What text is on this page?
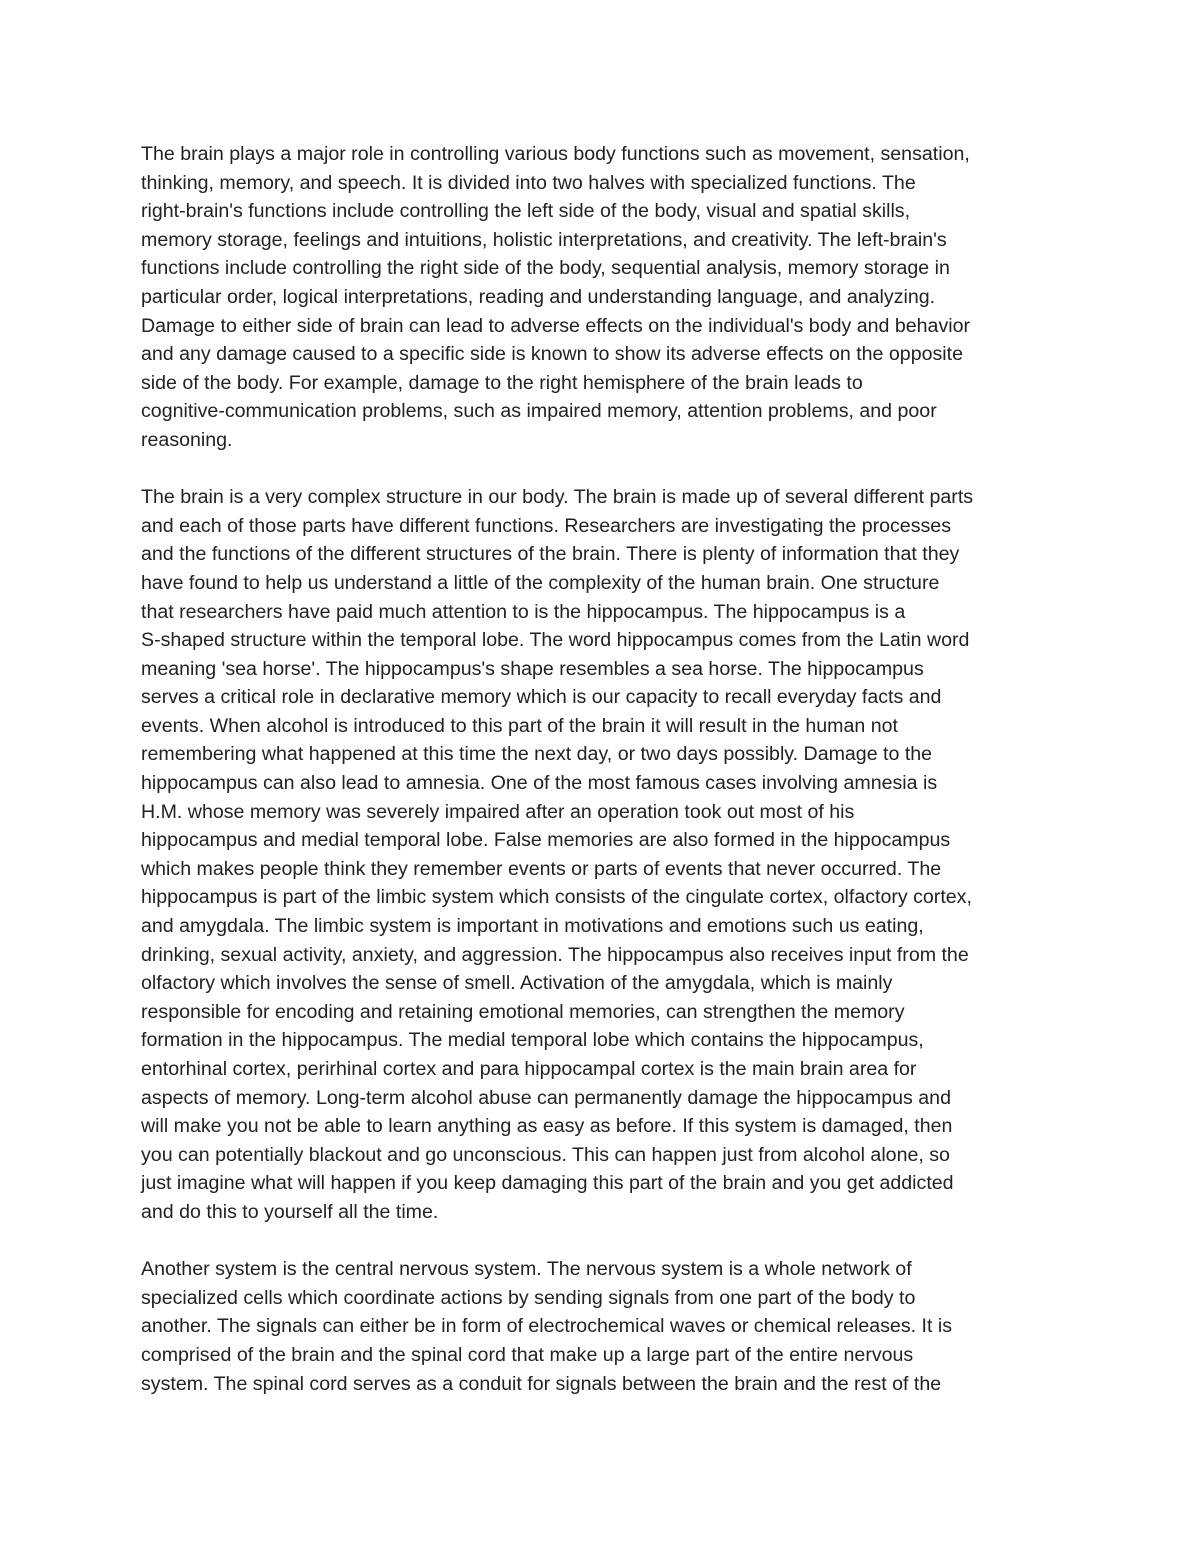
The brain plays a major role in controlling various body functions such as movement, sensation,
thinking, memory, and speech. It is divided into two halves with specialized functions. The
right-brain's functions include controlling the left side of the body, visual and spatial skills,
memory storage, feelings and intuitions, holistic interpretations, and creativity. The left-brain's
functions include controlling the right side of the body, sequential analysis, memory storage in
particular order, logical interpretations, reading and understanding language, and analyzing.
Damage to either side of brain can lead to adverse effects on the individual's body and behavior
and any damage caused to a specific side is known to show its adverse effects on the opposite
side of the body. For example, damage to the right hemisphere of the brain leads to
cognitive-communication problems, such as impaired memory, attention problems, and poor
reasoning.

The brain is a very complex structure in our body. The brain is made up of several different parts
and each of those parts have different functions. Researchers are investigating the processes
and the functions of the different structures of the brain. There is plenty of information that they
have found to help us understand a little of the complexity of the human brain. One structure
that researchers have paid much attention to is the hippocampus. The hippocampus is a
S-shaped structure within the temporal lobe. The word hippocampus comes from the Latin word
meaning 'sea horse'. The hippocampus's shape resembles a sea horse. The hippocampus
serves a critical role in declarative memory which is our capacity to recall everyday facts and
events. When alcohol is introduced to this part of the brain it will result in the human not
remembering what happened at this time the next day, or two days possibly. Damage to the
hippocampus can also lead to amnesia. One of the most famous cases involving amnesia is
H.M. whose memory was severely impaired after an operation took out most of his
hippocampus and medial temporal lobe. False memories are also formed in the hippocampus
which makes people think they remember events or parts of events that never occurred. The
hippocampus is part of the limbic system which consists of the cingulate cortex, olfactory cortex,
and amygdala. The limbic system is important in motivations and emotions such us eating,
drinking, sexual activity, anxiety, and aggression. The hippocampus also receives input from the
olfactory which involves the sense of smell. Activation of the amygdala, which is mainly
responsible for encoding and retaining emotional memories, can strengthen the memory
formation in the hippocampus. The medial temporal lobe which contains the hippocampus,
entorhinal cortex, perirhinal cortex and para hippocampal cortex is the main brain area for
aspects of memory. Long-term alcohol abuse can permanently damage the hippocampus and
will make you not be able to learn anything as easy as before. If this system is damaged, then
you can potentially blackout and go unconscious. This can happen just from alcohol alone, so
just imagine what will happen if you keep damaging this part of the brain and you get addicted
and do this to yourself all the time.

Another system is the central nervous system. The nervous system is a whole network of
specialized cells which coordinate actions by sending signals from one part of the body to
another. The signals can either be in form of electrochemical waves or chemical releases. It is
comprised of the brain and the spinal cord that make up a large part of the entire nervous
system. The spinal cord serves as a conduit for signals between the brain and the rest of the
